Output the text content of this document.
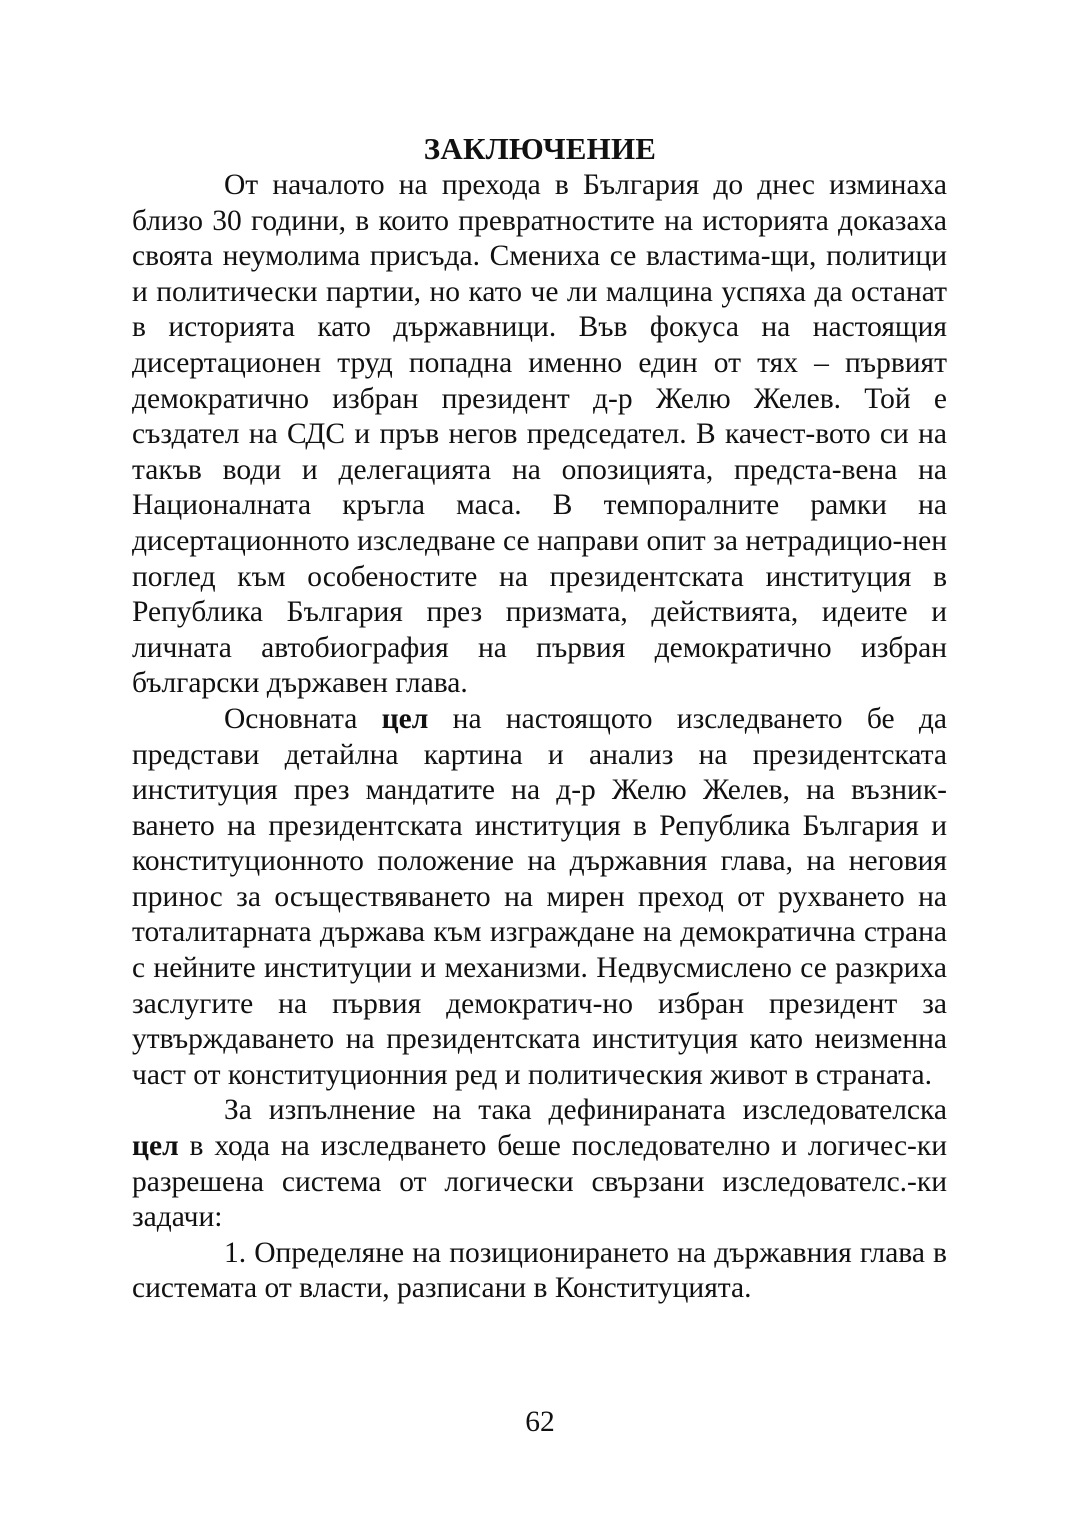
ЗАКЛЮЧЕНИЕ

От началото на прехода в България до днес изминаха близо 30 години, в които превратностите на историята доказаха своята неумолима присъда. Смениха се властима-щи, политици и политически партии, но като че ли малцина успяха да останат в историята като държавници. Във фокуса на настоящия дисертационен труд попадна именно един от тях – първият демократично избран президент д-р Желю Желев. Той е създател на СДС и пръв негов председател. В качест-вото си на такъв води и делегацията на опозицията, предста-вена на Националната кръгла маса. В темпоралните рамки на дисертационното изследване се направи опит за нетрадицио-нен поглед към особеностите на президентската институция в Република България през призмата, действията, идеите и личната автобиография на първия демократично избран български държавен глава.

Основната цел на настоящото изследването бе да представи детайлна картина и анализ на президентската институция през мандатите на д-р Желю Желев, на възник-ването на президентската институция в Република България и конституционното положение на държавния глава, на неговия принос за осъществяването на мирен преход от рухването на тоталитарната държава към изграждане на демократична страна с нейните институции и механизми. Недвусмислено се разкриха заслугите на първия демократич-но избран президент за утвърждаването на президентската институция като неизменна част от конституционния ред и политическия живот в страната.

За изпълнение на така дефинираната изследователска цел в хода на изследването беше последователно и логичес-ки разрешена система от логически свързани изследователс.-ки задачи:

1. Определяне на позиционирането на държавния глава в системата от власти, разписани в Конституцията.

62
